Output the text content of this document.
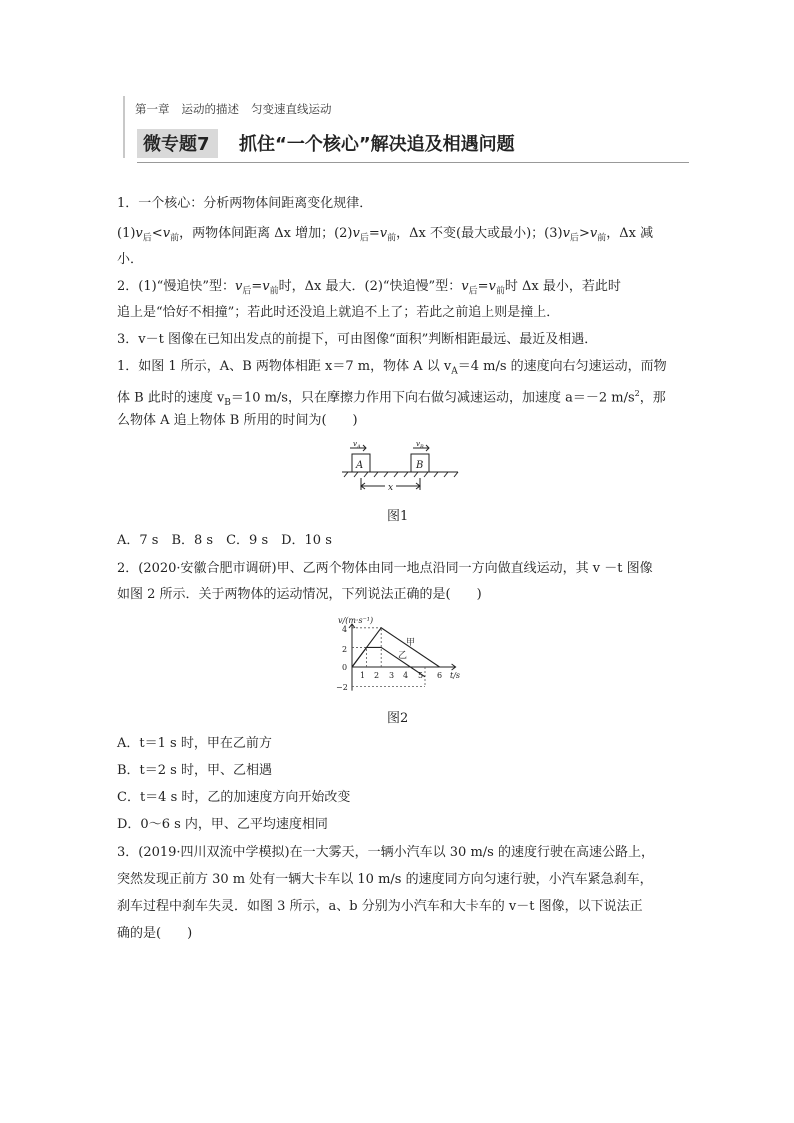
第一章 运动的描述 匀变速直线运动
微专题7	抓住“一个核心”解决追及相遇问题
1．一个核心：分析两物体间距离变化规律．
$(1)v_后<v_前$，两物体间距离 Δx 增加；$(2)v_后=v_前$，Δx 不变(最大或最小)；$(3)v_后>v_前$，Δx 减
小．
2．(1)“慢追快”型：$v_后=v_前$时，Δx 最大．(2)“快追慢”型：$v_后=v_前$时 Δx 最小，若此时
追上是“恰好不相撞”；若此时还没追上就追不上了；若此之前追上则是撞上．
3．v－t 图像在已知出发点的前提下，可由图像“面积”判断相距最远、最近及相遇．
1．如图 1 所示，A、B 两物体相距 x＝7 m，物体 A 以 $v_A=4$ m/s 的速度向右匀速运动，而物
体 B 此时的速度 $v_B=10$ m/s，只在摩擦力作用下向右做匀减速运动，加速度 a＝－2 $m/s^2$，那
么物体 A 追上物体 B 所用的时间为(　　)
A	B
$v_A$	$v_B$
x
图1
A．7 s　B．8 s　C．9 s　D．10 s
2．(2020·安徽合肥市调研)甲、乙两个物体由同一地点沿同一方向做直线运动，其 v －t 图像
如图 2 所示．关于两物体的运动情况，下列说法正确的是(　　)
v/(m·s⁻¹)
t/s
4
2
0
−2
1 2 3 4 5 6
甲
乙
图2
A．t＝1 s 时，甲在乙前方
B．t＝2 s 时，甲、乙相遇
C．t＝4 s 时，乙的加速度方向开始改变
D．0～6 s 内，甲、乙平均速度相同
3．(2019·四川双流中学模拟)在一大雾天，一辆小汽车以 30 m/s 的速度行驶在高速公路上，
突然发现正前方 30 m 处有一辆大卡车以 10 m/s 的速度同方向匀速行驶，小汽车紧急刹车，
刹车过程中刹车失灵．如图 3 所示，a、b 分别为小汽车和大卡车的 v－t 图像，以下说法正
确的是(　　)
